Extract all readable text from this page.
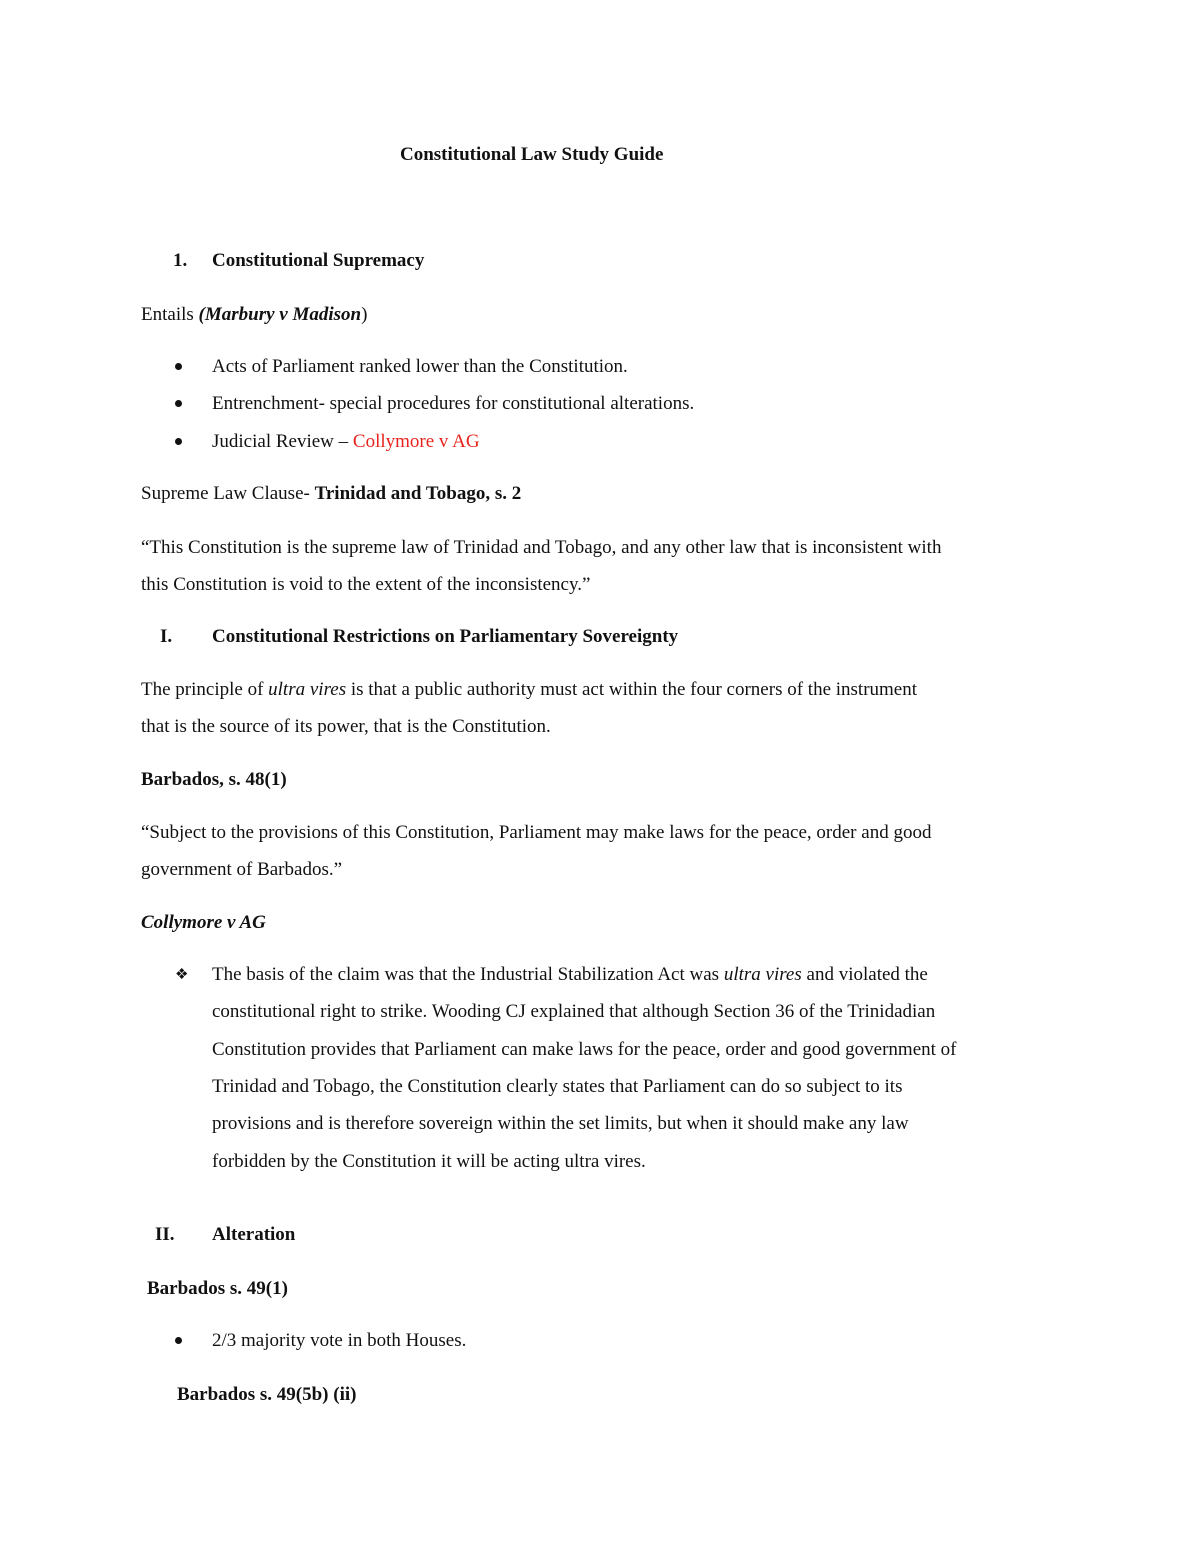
Constitutional Law Study Guide
1. Constitutional Supremacy
Entails (Marbury v Madison)
Acts of Parliament ranked lower than the Constitution.
Entrenchment- special procedures for constitutional alterations.
Judicial Review – Collymore v AG
Supreme Law Clause- Trinidad and Tobago, s. 2
“This Constitution is the supreme law of Trinidad and Tobago, and any other law that is inconsistent with
this Constitution is void to the extent of the inconsistency.”
I. Constitutional Restrictions on Parliamentary Sovereignty
The principle of ultra vires is that a public authority must act within the four corners of the instrument
that is the source of its power, that is the Constitution.
Barbados, s. 48(1)
“Subject to the provisions of this Constitution, Parliament may make laws for the peace, order and good
government of Barbados.”
Collymore v AG
❖ The basis of the claim was that the Industrial Stabilization Act was ultra vires and violated the
constitutional right to strike. Wooding CJ explained that although Section 36 of the Trinidadian
Constitution provides that Parliament can make laws for the peace, order and good government of
Trinidad and Tobago, the Constitution clearly states that Parliament can do so subject to its
provisions and is therefore sovereign within the set limits, but when it should make any law
forbidden by the Constitution it will be acting ultra vires.
II. Alteration
Barbados s. 49(1)
2/3 majority vote in both Houses.
Barbados s. 49(5b) (ii)
